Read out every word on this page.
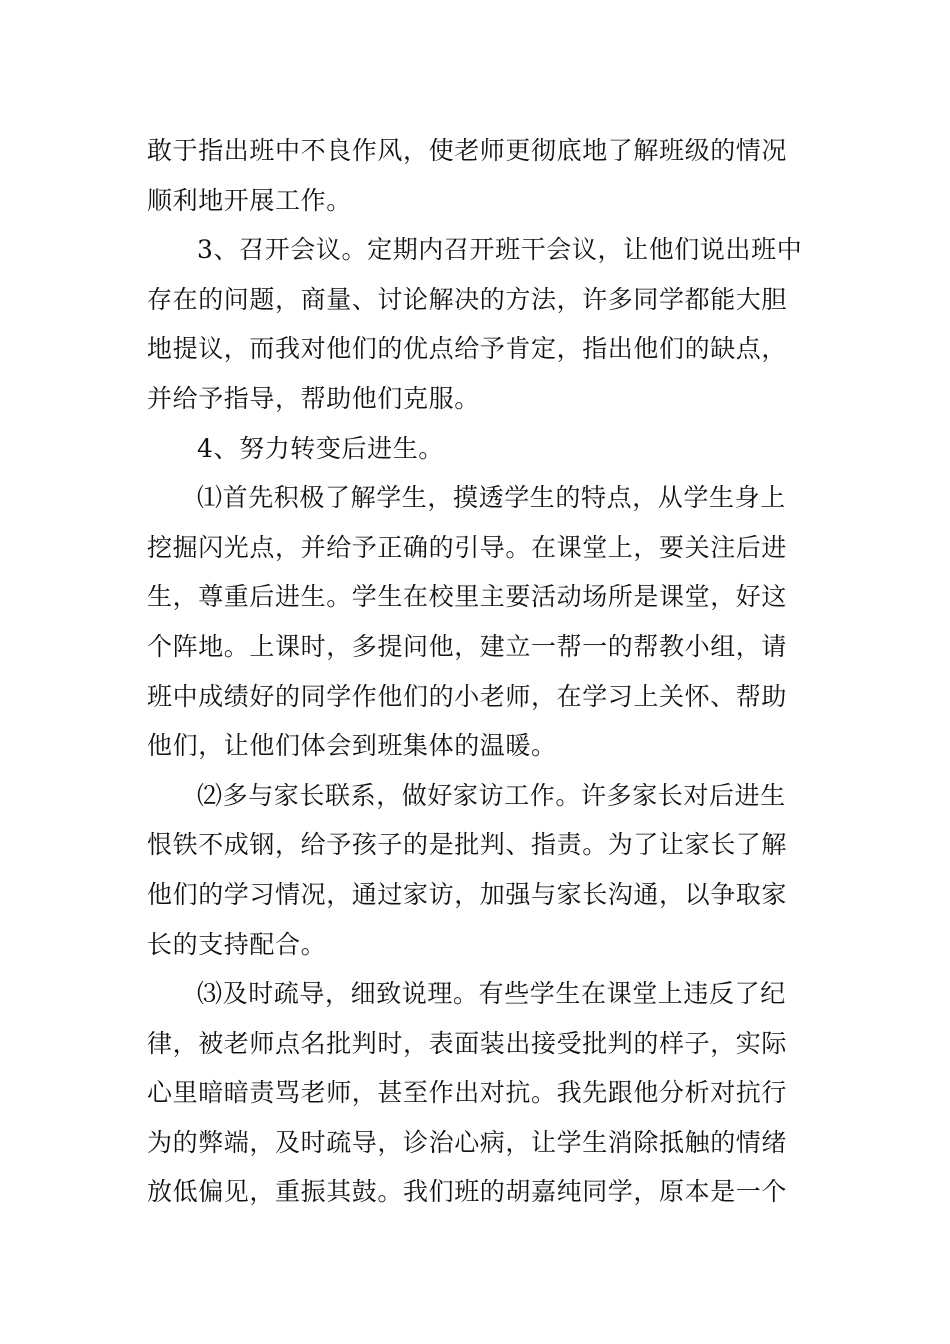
敢于指出班中不良作风，使老师更彻底地了解班级的情况
顺利地开展工作。
3、召开会议。定期内召开班干会议，让他们说出班中
存在的问题，商量、讨论解决的方法，许多同学都能大胆
地提议，而我对他们的优点给予肯定，指出他们的缺点，
并给予指导，帮助他们克服。
4、努力转变后进生。
⑴首先积极了解学生，摸透学生的特点，从学生身上
挖掘闪光点，并给予正确的引导。在课堂上，要关注后进
生，尊重后进生。学生在校里主要活动场所是课堂，好这
个阵地。上课时，多提问他，建立一帮一的帮教小组，请
班中成绩好的同学作他们的小老师，在学习上关怀、帮助
他们，让他们体会到班集体的温暖。
⑵多与家长联系，做好家访工作。许多家长对后进生
恨铁不成钢，给予孩子的是批判、指责。为了让家长了解
他们的学习情况，通过家访，加强与家长沟通，以争取家
长的支持配合。
⑶及时疏导，细致说理。有些学生在课堂上违反了纪
律，被老师点名批判时，表面装出接受批判的样子，实际
心里暗暗责骂老师，甚至作出对抗。我先跟他分析对抗行
为的弊端，及时疏导，诊治心病，让学生消除抵触的情绪
放低偏见，重振其鼓。我们班的胡嘉纯同学，原本是一个
